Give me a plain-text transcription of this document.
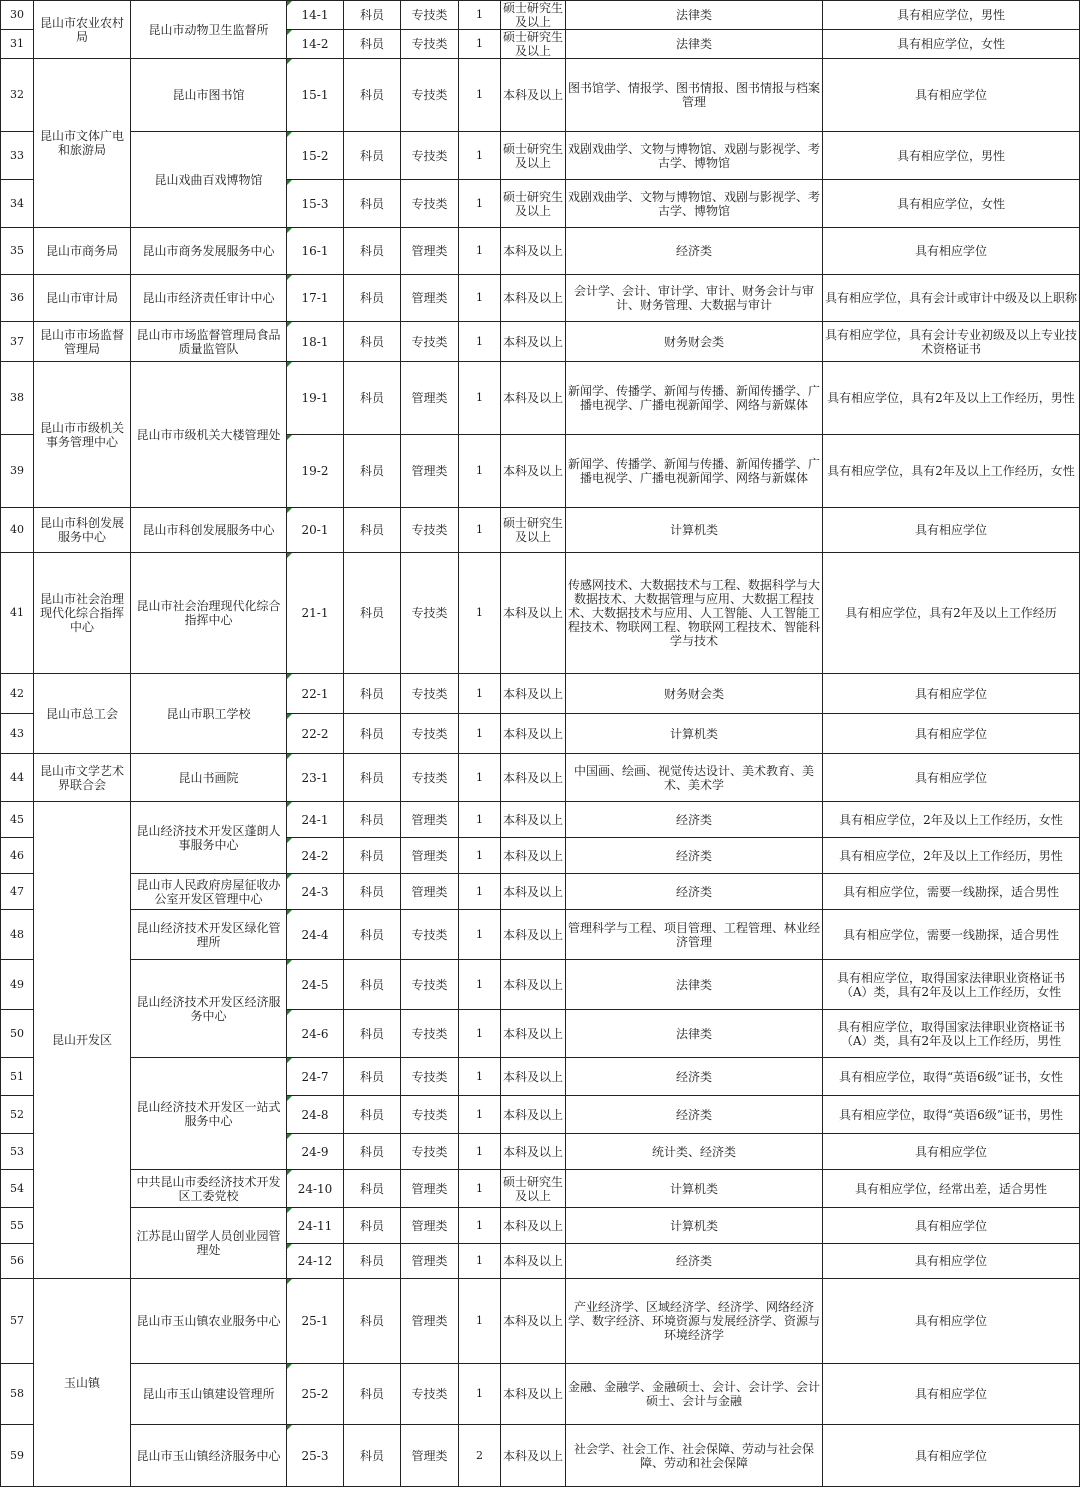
30	昆山市农业农村局	昆山市动物卫生监督所	14-1	科员	专技类	1	硕士研究生及以上	法律类	具有相应学位，男性
31			14-2	科员	专技类	1	硕士研究生及以上	法律类	具有相应学位，女性
32	昆山市文体广电和旅游局	昆山市图书馆	15-1	科员	专技类	1	本科及以上	图书馆学、情报学、图书情报、图书情报与档案管理	具有相应学位
33		昆山戏曲百戏博物馆	15-2	科员	专技类	1	硕士研究生及以上	戏剧戏曲学、文物与博物馆、戏剧与影视学、考古学、博物馆	具有相应学位，男性
34			15-3	科员	专技类	1	硕士研究生及以上	戏剧戏曲学、文物与博物馆、戏剧与影视学、考古学、博物馆	具有相应学位，女性
35	昆山市商务局	昆山市商务发展服务中心	16-1	科员	管理类	1	本科及以上	经济类	具有相应学位
36	昆山市审计局	昆山市经济责任审计中心	17-1	科员	管理类	1	本科及以上	会计学、会计、审计学、审计、财务会计与审计、财务管理、大数据与审计	具有相应学位，具有会计或审计中级及以上职称
37	昆山市市场监督管理局	昆山市市场监督管理局食品质量监管队	18-1	科员	专技类	1	本科及以上	财务财会类	具有相应学位，具有会计专业初级及以上专业技术资格证书
38	昆山市市级机关事务管理中心	昆山市市级机关大楼管理处	19-1	科员	管理类	1	本科及以上	新闻学、传播学、新闻与传播、新闻传播学、广播电视学、广播电视新闻学、网络与新媒体	具有相应学位，具有2年及以上工作经历，男性
39			19-2	科员	管理类	1	本科及以上	新闻学、传播学、新闻与传播、新闻传播学、广播电视学、广播电视新闻学、网络与新媒体	具有相应学位，具有2年及以上工作经历，女性
40	昆山市科创发展服务中心	昆山市科创发展服务中心	20-1	科员	专技类	1	硕士研究生及以上	计算机类	具有相应学位
41	昆山市社会治理现代化综合指挥中心	昆山市社会治理现代化综合指挥中心	21-1	科员	专技类	1	本科及以上	传感网技术、大数据技术与工程、数据科学与大数据技术、大数据管理与应用、大数据工程技术、大数据技术与应用、人工智能、人工智能工程技术、物联网工程、物联网工程技术、智能科学与技术	具有相应学位，具有2年及以上工作经历
42	昆山市总工会	昆山市职工学校	22-1	科员	专技类	1	本科及以上	财务财会类	具有相应学位
43			22-2	科员	专技类	1	本科及以上	计算机类	具有相应学位
44	昆山市文学艺术界联合会	昆山书画院	23-1	科员	专技类	1	本科及以上	中国画、绘画、视觉传达设计、美术教育、美术、美术学	具有相应学位
45	昆山开发区	昆山经济技术开发区蓬朗人事服务中心	24-1	科员	管理类	1	本科及以上	经济类	具有相应学位，2年及以上工作经历，女性
46			24-2	科员	管理类	1	本科及以上	经济类	具有相应学位，2年及以上工作经历，男性
47		昆山市人民政府房屋征收办公室开发区管理中心	24-3	科员	管理类	1	本科及以上	经济类	具有相应学位，需要一线勘探，适合男性
48		昆山经济技术开发区绿化管理所	24-4	科员	专技类	1	本科及以上	管理科学与工程、项目管理、工程管理、林业经济管理	具有相应学位，需要一线勘探，适合男性
49		昆山经济技术开发区经济服务中心	24-5	科员	专技类	1	本科及以上	法律类	具有相应学位，取得国家法律职业资格证书（A）类，具有2年及以上工作经历，女性
50			24-6	科员	专技类	1	本科及以上	法律类	具有相应学位，取得国家法律职业资格证书（A）类，具有2年及以上工作经历，男性
51		昆山经济技术开发区一站式服务中心	24-7	科员	专技类	1	本科及以上	经济类	具有相应学位，取得“英语6级”证书，女性
52			24-8	科员	专技类	1	本科及以上	经济类	具有相应学位，取得“英语6级”证书，男性
53			24-9	科员	专技类	1	本科及以上	统计类、经济类	具有相应学位
54		中共昆山市委经济技术开发区工委党校	24-10	科员	管理类	1	硕士研究生及以上	计算机类	具有相应学位，经常出差，适合男性
55		江苏昆山留学人员创业园管理处	24-11	科员	管理类	1	本科及以上	计算机类	具有相应学位
56			24-12	科员	管理类	1	本科及以上	经济类	具有相应学位
57	玉山镇	昆山市玉山镇农业服务中心	25-1	科员	管理类	1	本科及以上	产业经济学、区域经济学、经济学、网络经济学、数字经济、环境资源与发展经济学、资源与环境经济学	具有相应学位
58		昆山市玉山镇建设管理所	25-2	科员	专技类	1	本科及以上	金融、金融学、金融硕士、会计、会计学、会计硕士、会计与金融	具有相应学位
59		昆山市玉山镇经济服务中心	25-3	科员	管理类	2	本科及以上	社会学、社会工作、社会保障、劳动与社会保障、劳动和社会保障	具有相应学位
